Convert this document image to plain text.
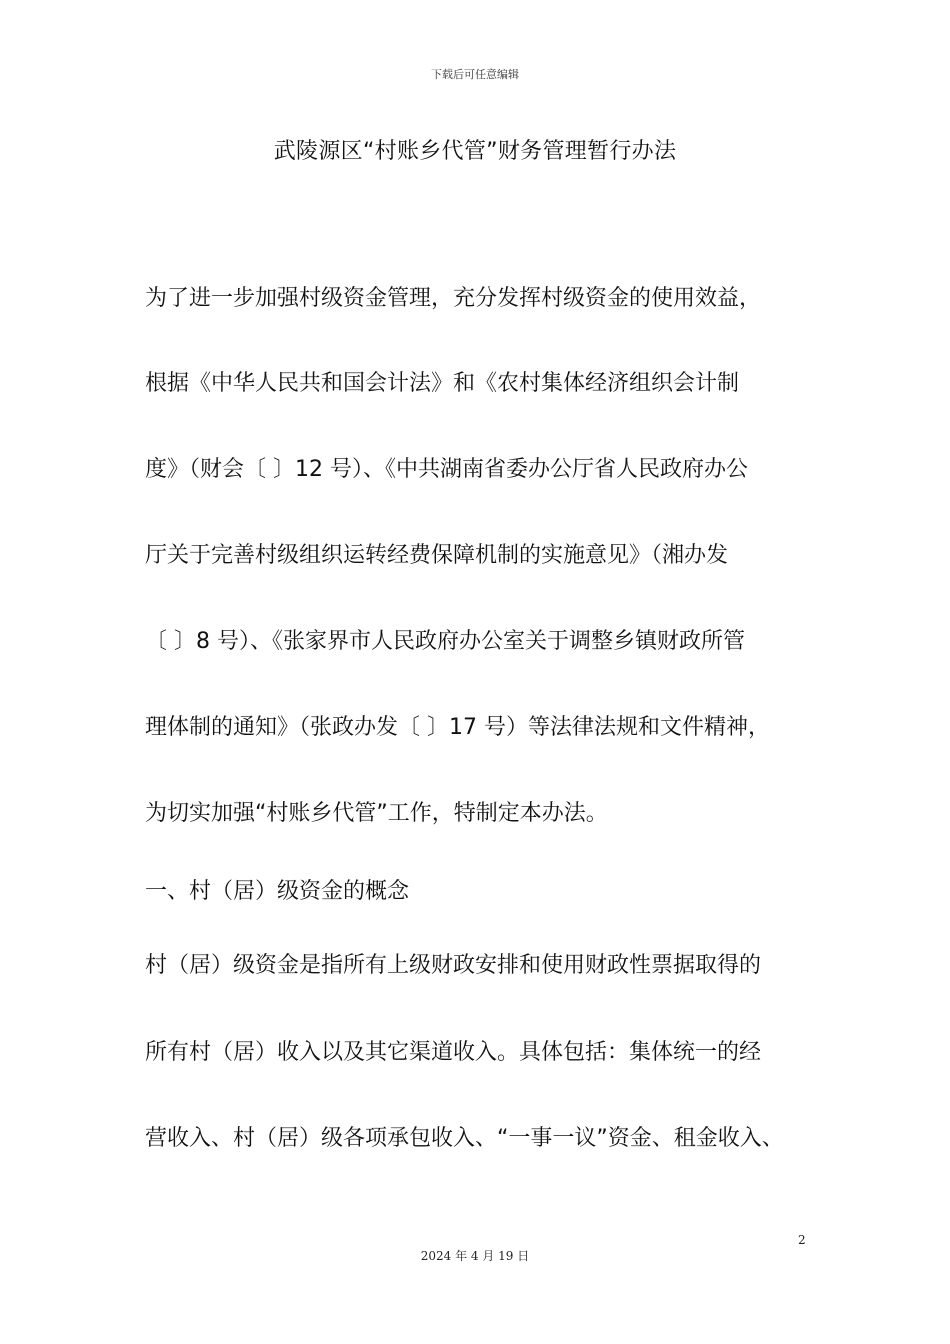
下载后可任意编辑
武陵源区“村账乡代管”财务管理暂行办法
为了进一步加强村级资金管理，充分发挥村级资金的使用效益，
根据《中华人民共和国会计法》和《农村集体经济组织会计制
度》（财会〔 〕12 号）、《中共湖南省委办公厅省人民政府办公
厅关于完善村级组织运转经费保障机制的实施意见》（湘办发
〔 〕8 号）、《张家界市人民政府办公室关于调整乡镇财政所管
理体制的通知》（张政办发〔 〕17 号）等法律法规和文件精神，
为切实加强“村账乡代管”工作，特制定本办法。
一、村（居）级资金的概念
村（居）级资金是指所有上级财政安排和使用财政性票据取得的
所有村（居）收入以及其它渠道收入。具体包括：集体统一的经
营收入、村（居）级各项承包收入、“一事一议”资金、租金收入、
2
2024 年 4 月 19 日
